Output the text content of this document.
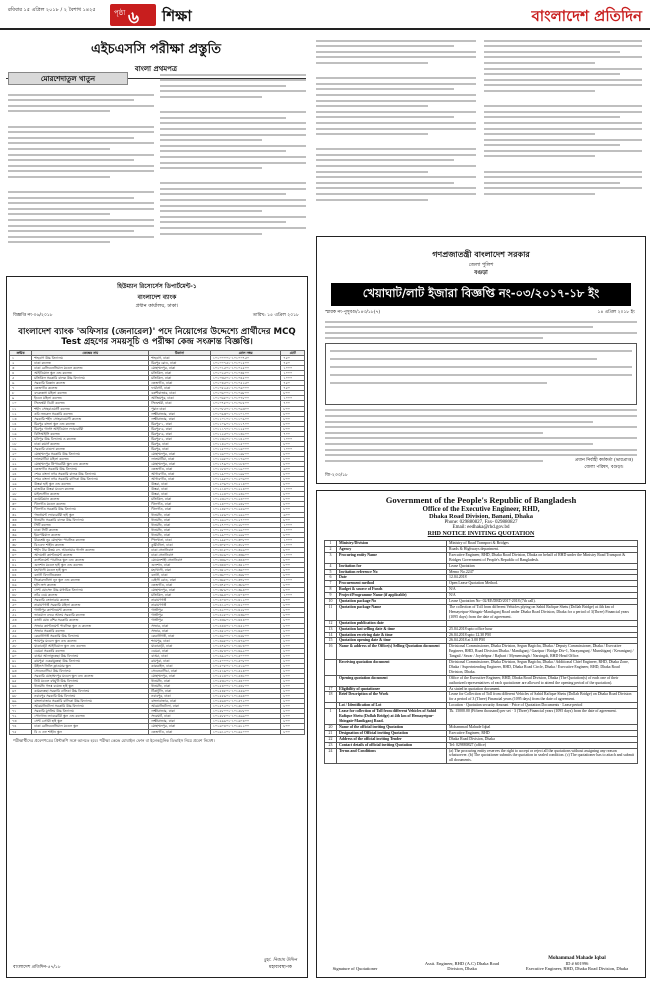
রবিবার ১৫ এপ্রিল ২০১৮ / ২ বৈশাখ ১৪২৫	পৃষ্ঠা ৬ শিক্ষা	বাংলাদেশ প্রতিদিন
এইচএসসি পরীক্ষা প্রস্তুতি
বাংলা প্রথমপত্র
মোরশেদাতুল খাতুন
হিউম্যান রিসোর্সেস ডিপার্টমেন্ট-১
বাংলাদেশ ব্যাংক
প্রধান কার্যালয়, ঢাকা।
বিজ্ঞপ্তি নং-০৬/২০১৮	তারিখ: ১৫ এপ্রিল ২০১৮
বাংলাদেশ ব্যাংক 'অফিসার (জেনারেল)' পদে নিয়োগের উদ্দেশ্যে প্রার্থীদের MCQ Test গ্রহণের সময়সূচি ও পরীক্ষা কেন্দ্র সংক্রান্ত বিজ্ঞপ্তি।
ক্রমিক	কেন্দ্রের নাম	ঠিকানা	রোল নম্বর	মোট
১	শাহবাগ উচ্চ বিদ্যালয়	শাহবাগ, ঢাকা	১০১০০০০১-১০১০০৭৫০	৭৫০
২	ঢাকা কলেজ	মিরপুর রোড, ঢাকা	১০১০০৭৫১-১০১০১৫০০	৭৫০
৩	ঢাকা রেসিডেনসিয়াল মডেল কলেজ	মোহাম্মদপুর, ঢাকা	১০১০১৫০১-১০১০২৫০০	১০০০
৪	আইডিয়াল স্কুল এন্ড কলেজ	মতিঝিল, ঢাকা	১০১০২৫০১-১০১০৩৫০০	১০০০
৫	মতিঝিল সরকারি বালক উচ্চ বিদ্যালয়	মতিঝিল, ঢাকা	১০১০৩৫০১-১০১০৪৫০০	১০০০
৬	সরকারি বিজ্ঞান কলেজ	তেজগাঁও, ঢাকা	১০১০৪৫০১-১০১০৫২৫০	৭৫০
৭	তেজগাঁও কলেজ	ফার্মগেট, ঢাকা	১০১০৫২৫১-১০১০৬০০০	৭৫০
৮	বদরুন্নেসা মহিলা কলেজ	বকশীবাজার, ঢাকা	১০১০৬০০১-১০১০৬৮০০	৮০০
৯	ইডেন মহিলা কলেজ	আজিমপুর, ঢাকা	১০১০৬৮০১-১০১০৭৮০০	১০০০
১০	সিদ্ধেশ্বরী ডিগ্রী কলেজ	সিদ্ধেশ্বরী, ঢাকা	১০১০৭৮০১-১০১০৮৫০০	৭০০
১১	শহীদ সোহরাওয়ার্দী কলেজ	পুরান ঢাকা	১০১০৮৫০১-১০১০৯৩০০	৮০০
১২	কবি নজরুল সরকারি কলেজ	লক্ষ্মীবাজার, ঢাকা	১০১০৯৩০১-১০১১০১০০	৮০০
১৩	সরকারি শহীদ সোহরাওয়ার্দী কলেজ	লক্ষ্মীবাজার, ঢাকা	১০১১০১০১-১০১১০৯০০	৮০০
১৪	মিরপুর বাংলা স্কুল এন্ড কলেজ	মিরপুর-১, ঢাকা	১০১১০৯০১-১০১১১৭০০	৮০০
১৫	মিরপুর গার্লস আইডিয়াল ল্যাবরেটরী	মিরপুর-৬, ঢাকা	১০১১১৭০১-১০১১২৫০০	৮০০
১৬	বিসিআইসি কলেজ	মিরপুর-৬, ঢাকা	১০১১২৫০১-১০১১৩২০০	৭০০
১৭	মনিপুর উচ্চ বিদ্যালয় ও কলেজ	মিরপুর-২, ঢাকা	১০১১৩২০১-১০১১৪২০০	১০০০
১৮	ঢাকা কমার্স কলেজ	মিরপুর, ঢাকা	১০১১৪২০১-১০১১৫০০০	৮০০
১৯	সরকারি বাঙলা কলেজ	মিরপুর, ঢাকা	১০১১৫০০১-১০১১৬০০০	১০০০
২০	মোহাম্মদপুর সরকারি উচ্চ বিদ্যালয়	মোহাম্মদপুর, ঢাকা	১০১১৬০০১-১০১১৬৮০০	৮০০
২১	লালমাটিয়া মহিলা কলেজ	লালমাটিয়া, ঢাকা	১০১১৬৮০১-১০১১৭৬০০	৮০০
২২	মোহাম্মদপুর প্রিপারেটরী স্কুল এন্ড কলেজ	মোহাম্মদপুর, ঢাকা	১০১১৭৬০১-১০১১৮৪০০	৮০০
২৩	তেজগাঁও সরকারি উচ্চ বিদ্যালয়	তেজগাঁও, ঢাকা	১০১১৮৪০১-১০১১৯০০০	৬০০
২৪	শেরে বাংলা নগর সরকারি বালক উচ্চ বিদ্যালয়	আগারগাঁও, ঢাকা	১০১১৯০০১-১০১১৯৮০০	৮০০
২৫	শেরে বাংলা নগর সরকারি বালিকা উচ্চ বিদ্যালয়	আগারগাঁও, ঢাকা	১০১১৯৮০১-১০১২০৬০০	৮০০
২৬	উত্তরা হাই স্কুল এন্ড কলেজ	উত্তরা, ঢাকা	১০১২০৬০১-১০১২১৪০০	৮০০
২৭	রাজউক উত্তরা মডেল কলেজ	উত্তরা, ঢাকা	১০১২১৪০১-১০১২২৪০০	১০০০
২৮	মাইলস্টোন কলেজ	উত্তরা, ঢাকা	১০১২২৪০১-১০১২৩২০০	৮০০
২৯	ক্যামব্রিয়ান কলেজ	মতিঝিল, ঢাকা	১০১২৩২০১-১০১২৪০০০	৮০০
৩০	খিলগাঁও মডেল কলেজ	খিলগাঁও, ঢাকা	১০১২৪০০১-১০১২৪৮০০	৮০০
৩১	খিলগাঁও সরকারি উচ্চ বিদ্যালয়	খিলগাঁও, ঢাকা	১০১২৪৮০১-১০১২৫৬০০	৮০০
৩২	গভর্নমেন্ট ল্যাবরেটরী হাই স্কুল	ধানমন্ডি, ঢাকা	১০১২৫৬০১-১০১২৬২০০	৬০০
৩৩	ধানমন্ডি সরকারি বালক উচ্চ বিদ্যালয়	ধানমন্ডি, ঢাকা	১০১২৬২০১-১০১২৭০০০	৮০০
৩৪	সিটি কলেজ	ধানমন্ডি, ঢাকা	১০১২৭০০১-১০১২৮০০০	১০০০
৩৫	ঢাকা সিটি কলেজ	ধানমন্ডি, ঢাকা	১০১২৮০০১-১০১২৯০০০	১০০০
৩৬	ইমপেরিয়াল কলেজ	ধানমন্ডি, ঢাকা	১০১২৯০০১-১০১২৯৮০০	৮০০
৩৭	বীরশ্রেষ্ঠ নূর মোহাম্মদ পাবলিক কলেজ	পিলখানা, ঢাকা	১০১২৯৮০১-১০১৩০৮০০	১০০০
৩৮	বিএএফ শাহীন কলেজ	কুর্মিটোলা, ঢাকা	১০১৩০৮০১-১০১৩১৮০০	১০০০
৩৯	শহীদ বীর উত্তম লে. আনোয়ার গার্লস কলেজ	ঢাকা সেনানিবাস	১০১৩১৮০১-১০১৩২৬০০	৮০০
৪০	আদমজী ক্যান্টনমেন্ট কলেজ	ঢাকা সেনানিবাস	১০১৩২৬০১-১০১৩৩৬০০	১০০০
৪১	ক্যান্টনমেন্ট পাবলিক স্কুল এন্ড কলেজ	মোমেনশাহী সেনানিবাস	১০১৩৩৬০১-১০১৩৪৪০০	৮০০
৪২	গুলশান মডেল হাই স্কুল এন্ড কলেজ	গুলশান, ঢাকা	১০১৩৪৪০১-১০১৩৫২০০	৮০০
৪৩	মহাখালী মডেল হাই স্কুল	মহাখালী, ঢাকা	১০১৩৫২০১-১০১৩৬০০০	৮০০
৪৪	বনানী বিদ্যানিকেতন	বনানী, ঢাকা	১০১৩৬০০১-১০১৩৬৮০০	৮০০
৪৫	ভিকারুননিসা নূন স্কুল এন্ড কলেজ	বেইলী রোড, ঢাকা	১০১৩৬৮০১-১০১৩৭৮০০	১০০০
৪৬	হলি ক্রস কলেজ	তেজগাঁও, ঢাকা	১০১৩৭৮০১-১০১৩৮৬০০	৮০০
৪৭	সেন্ট যোসেফ উচ্চ মাধ্যমিক বিদ্যালয়	মোহাম্মদপুর, ঢাকা	১০১৩৮৬০১-১০১৩৯৪০০	৮০০
৪৮	নটর ডেম কলেজ	মতিঝিল, ঢাকা	১০১৩৯৪০১-১০১৪০৪০০	১০০০
৪৯	সরকারি তোলারাম কলেজ	নারায়ণগঞ্জ	১০১৪০৪০১-১০১৪১২০০	৮০০
৫০	নারায়ণগঞ্জ সরকারি মহিলা কলেজ	নারায়ণগঞ্জ	১০১৪১২০১-১০১৪২০০০	৮০০
৫১	গাজীপুর ক্যান্টনমেন্ট কলেজ	গাজীপুর	১০১৪২০০১-১০১৪২৮০০	৮০০
৫২	ভাওয়াল বদরে আলম সরকারি কলেজ	গাজীপুর	১০১৪২৮০১-১০১৪৩৬০০	৮০০
৫৩	কাজী মোঃ বশির সরকারি কলেজ	গাজীপুর	১০১৪৩৬০১-১০১৪৪৪০০	৮০০
৫৪	সাভার ক্যান্টনমেন্ট পাবলিক স্কুল ও কলেজ	সাভার, ঢাকা	১০১৪৪৪০১-১০১৪৫২০০	৮০০
৫৫	সাভার সরকারি কলেজ	সাভার, ঢাকা	১০১৪৫২০১-১০১৪৬০০০	৮০০
৫৬	কেরানীগঞ্জ সরকারি উচ্চ বিদ্যালয়	কেরানীগঞ্জ, ঢাকা	১০১৪৬০০১-১০১৪৬৮০০	৮০০
৫৭	শ্যামপুর মডেল স্কুল এন্ড কলেজ	শ্যামপুর, ঢাকা	১০১৪৬৮০১-১০১৪৭৬০০	৮০০
৫৮	যাত্রাবাড়ী আইডিয়াল স্কুল এন্ড কলেজ	যাত্রাবাড়ী, ঢাকা	১০১৪৭৬০১-১০১৪৮৪০০	৮০০
৫৯	ডেমরা সরকারি কলেজ	ডেমরা, ঢাকা	১০১৪৮৪০১-১০১৪৯২০০	৮০০
৬০	বাড্ডা আলাতুন্নেছা উচ্চ বিদ্যালয়	বাড্ডা, ঢাকা	১০১৪৯২০১-১০১৫০০০০	৮০০
৬১	রামপুরা একরামুন্নেছা উচ্চ বিদ্যালয়	রামপুরা, ঢাকা	১০১৫০০০১-১০১৫০৮০০	৮০০
৬২	উইলস লিটল ফ্লাওয়ার স্কুল	কাকরাইল, ঢাকা	১০১৫০৮০১-১০১৫১৬০০	৮০০
৬৩	সেগুনবাগিচা উচ্চ বিদ্যালয়	সেগুনবাগিচা, ঢাকা	১০১৫১৬০১-১০১৫২৪০০	৮০০
৬৪	সরকারি মোহাম্মদপুর মডেল স্কুল এন্ড কলেজ	মোহাম্মদপুর, ঢাকা	১০১৫২৪০১-১০১৫৩২০০	৮০০
৬৫	নিউ মডেল বহুমুখী উচ্চ বিদ্যালয়	ধানমন্ডি, ঢাকা	১০১৫৩২০১-১০১৫৪০০০	৮০০
৬৬	ধানমন্ডি গভঃ বয়েজ হাই স্কুল	ধানমন্ডি, ঢাকা	১০১৫৪০০১-১০১৫৪৮০০	৮০০
৬৭	কামরুন্নেছা সরকারি বালিকা উচ্চ বিদ্যালয়	টিকাটুলি, ঢাকা	১০১৫৪৮০১-১০১৫৫৬০০	৮০০
৬৮	নবাবপুর সরকারি উচ্চ বিদ্যালয়	নবাবপুর, ঢাকা	১০১৫৫৬০১-১০১৫৬৪০০	৮০০
৬৯	বাংলাবাজার সরকারি বালিকা উচ্চ বিদ্যালয়	বাংলাবাজার, ঢাকা	১০১৫৬৪০১-১০১৫৭২০০	৮০০
৭০	আরমানিটোলা সরকারি উচ্চ বিদ্যালয়	আরমানিটোলা, ঢাকা	১০১৫৭২০১-১০১৫৮০০০	৮০০
৭১	সরকারি মুসলিম উচ্চ বিদ্যালয়	লক্ষ্মীবাজার, ঢাকা	১০১৫৮০০১-১০১৫৮৮০০	৮০০
৭২	পোগোজ ল্যাবরেটরী স্কুল এন্ড কলেজ	সদরঘাট, ঢাকা	১০১৫৮৮০১-১০১৫৯৬০০	৮০০
৭৩	সেন্ট গ্রেগরী হাই স্কুল	লক্ষ্মীবাজার, ঢাকা	১০১৫৯৬০১-১০১৬০৪০০	৮০০
৭৪	ঢাকা রেসিডেনসিয়াল মডেল স্কুল	মোহাম্মদপুর, ঢাকা	১০১৬০৪০১-১০১৬১২০০	৮০০
৭৫	বি এ এফ শাহীন স্কুল	তেজগাঁও, ঢাকা	১০১৬১২০১-১০১৬২০০০	৮০০
পরীক্ষার্থীদের প্রবেশপত্রের প্রিন্টকপি সঙ্গে আনতে হবে। পরীক্ষা কেন্দ্রে মোবাইল ফোন বা ইলেকট্রনিক ডিভাইস নিয়ে প্রবেশ নিষেধ।
মুহা. নিজাম উদ্দিন
মহাব্যবস্থাপক
বাংলাদেশ প্রতিদিন-৫৭/১৮
গণপ্রজাতন্ত্রী বাংলাদেশ সরকার
জেলা পুলিশ
বগুড়া
খেয়াঘাট/লাট ইজারা বিজ্ঞপ্তি নং-০৩/২০১৭-১৮ ইং
স্মারক নং-পুসুবগু/১৪৩/১৮(৭)	১৪ এপ্রিল ২০১৮ ইং
প্রধান নির্বাহী কর্মকর্তা (ভারপ্রাপ্ত)
জেলা পরিষদ, বগুড়া।
জি-২৩৩/১৮
Government of the People's Republic of Bangladesh
Office of the Executive Engineer, RHD,
Dhaka Road Division, Banani, Dhaka
Phone: 029880827, Fax- 029880827
Email: eedhaka@rhd.gov.bd
RHD NOTICE INVITING QUOTATION
1	Ministry/Division	Ministry of Road Transport & Bridges
2	Agency	Roads & Highways department.
3	Procuring entity Name	Executive Engineer, RHD, Dhaka Road Division, Dhaka on behalf of RHD under the Ministry Road Transport & Bridges Government of People's Republic of Bangladesh.
4	Invitation for	Lease Quotation
5	Invitation reference No	Memo No.2247
6	Date	12.04.2018
7	Procurement method	Open Lease Quotation Method.
8	Budget & source of Funds	N/A
9	Project/Programme Name (if applicable)	N/A
10	Quotation package No	Lease Quotation No- 02/EE/DRD/2017-2018 (7th call).
11	Quotation package Name	The collection of Toll from different Vehicles plying on Sahid Rafique Shetu (Dollah Bridge) at 4th km of Hemayetpur-Shingair-Manikganj Road under Dhaka Road Division, Dhaka for a period of 3(Three) Financial years (1095 days) from the date of agreement.
12	Quotation publication date	
13	Quotation last selling date & time	25.04.2018 upto office hour
14	Quotation receiving date & time	26.04.2018 upto 12.30 PM
15	Quotation opening date & time	26.04.2018 at 3.00 PM
16	Name & address of the Office(s) Selling Quotation document	Divisional Commissioner, Dhaka Division, Segun Bagicha, Dhaka / Deputy Commissioner, Dhaka / Executive Engineer, RHD, Road Division Dhaka / Manikganj / Gazipur / Bridge Div-1, Narayanganj / Munshiganj / Keraniganj / Tangail / Savar / Joydebpur / Rajbari / Mymensingh / Narsingdi, RHD Head Office.
	Receiving quotation document	Divisional Commissioner, Dhaka Division, Segun Bagicha, Dhaka / Additional Chief Engineer, RHD, Dhaka Zone, Dhaka / Superintending Engineer, RHD, Dhaka Road Circle, Dhaka / Executive Engineer, RHD, Dhaka Road Division, Dhaka.
	Opening quotation document	Office of the Executive Engineer, RHD, Dhaka Road Division, Dhaka (The Quotation(s) of each one of their authorized representatives of each quotationer are allowed to attend the opening period of the quotation).
17	Eligibility of quotationer	As stated in quotation document.
18	Brief Description of the Work	Lease for Collection of Toll from different Vehicles of Sahid Rafique Shetu (Dollah Bridge) on Dhaka Road Division for a period of 3 (Three) Financial years (1095 days) from the date of agreement.
	Lot / Identification of Lot	Location · Quotation security Amount · Price of Quotation Documents · Lease period
1	Lease for collection of Toll from different Vehicles of Sahid Rafique Shetu (Dollah Bridge) at 4th km of Hemayetpur-Shingair-Manikganj Road.	Tk. 15000.00 (Fifteen thousand) per set · 3 (Three) Financial years (1095 days) from the date of agreement.
20	Name of the official inviting Quotation	Mohammad Mahade Iqbal
21	Designation of Official inviting Quotation	Executive Engineer, RHD
22	Address of the official inviting Tender	Dhaka Road Division, Dhaka
23	Contact details of official inviting Quotation	Tel: 029880827 (office)
24	Terms and Conditions	(a) The procuring entity reserves the right to accept or reject all the quotations without assigning any reason whatsoever. (b) The quotationer submits the quotation in sealed condition. (c) The quotationer has to attach and submit all documents.
Signature of Quotationer
Asstt. Engineer, RHD (A.C) Dhaka Road Division, Dhaka
Mohammad Mahade Iqbal
ID # 601996
Executive Engineer, RHD, Dhaka Road Division, Dhaka
